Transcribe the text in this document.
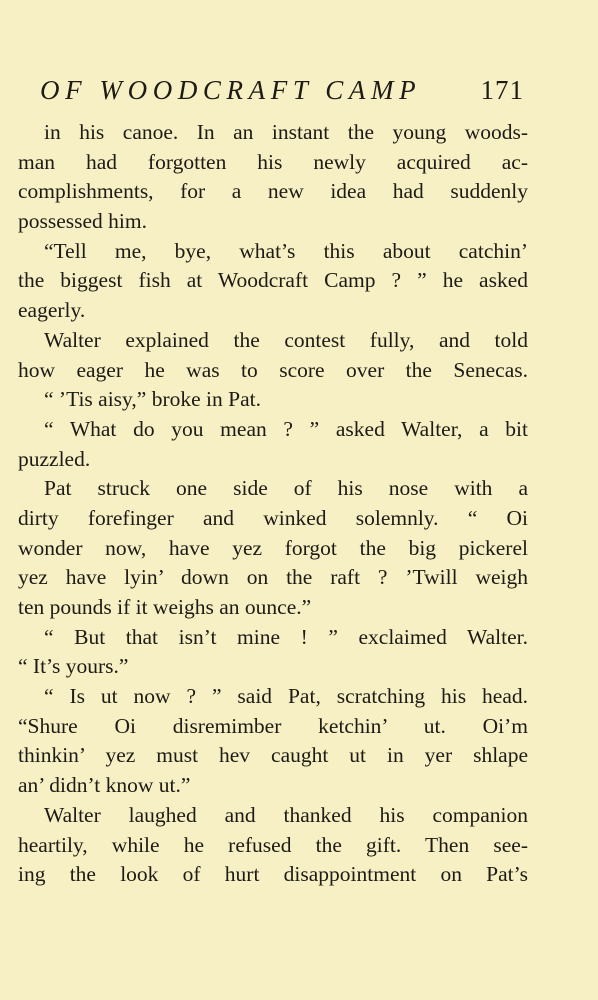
OF WOODCRAFT CAMP 171
in his canoe. In an instant the young woods-
man had forgotten his newly acquired ac-
complishments, for a new idea had suddenly
possessed him.
“Tell me, bye, what’s this about catchin’
the biggest fish at Woodcraft Camp ? ” he asked
eagerly.
Walter explained the contest fully, and told
how eager he was to score over the Senecas.
“ ’Tis aisy,” broke in Pat.
“ What do you mean ? ” asked Walter, a bit
puzzled.
Pat struck one side of his nose with a
dirty forefinger and winked solemnly. “ Oi
wonder now, have yez forgot the big pickerel
yez have lyin’ down on the raft ? ’Twill weigh
ten pounds if it weighs an ounce.”
“ But that isn’t mine ! ” exclaimed Walter.
“ It’s yours.”
“ Is ut now ? ” said Pat, scratching his head.
“Shure Oi disremimber ketchin’ ut. Oi’m
thinkin’ yez must hev caught ut in yer shlape
an’ didn’t know ut.”
Walter laughed and thanked his companion
heartily, while he refused the gift. Then see-
ing the look of hurt disappointment on Pat’s
